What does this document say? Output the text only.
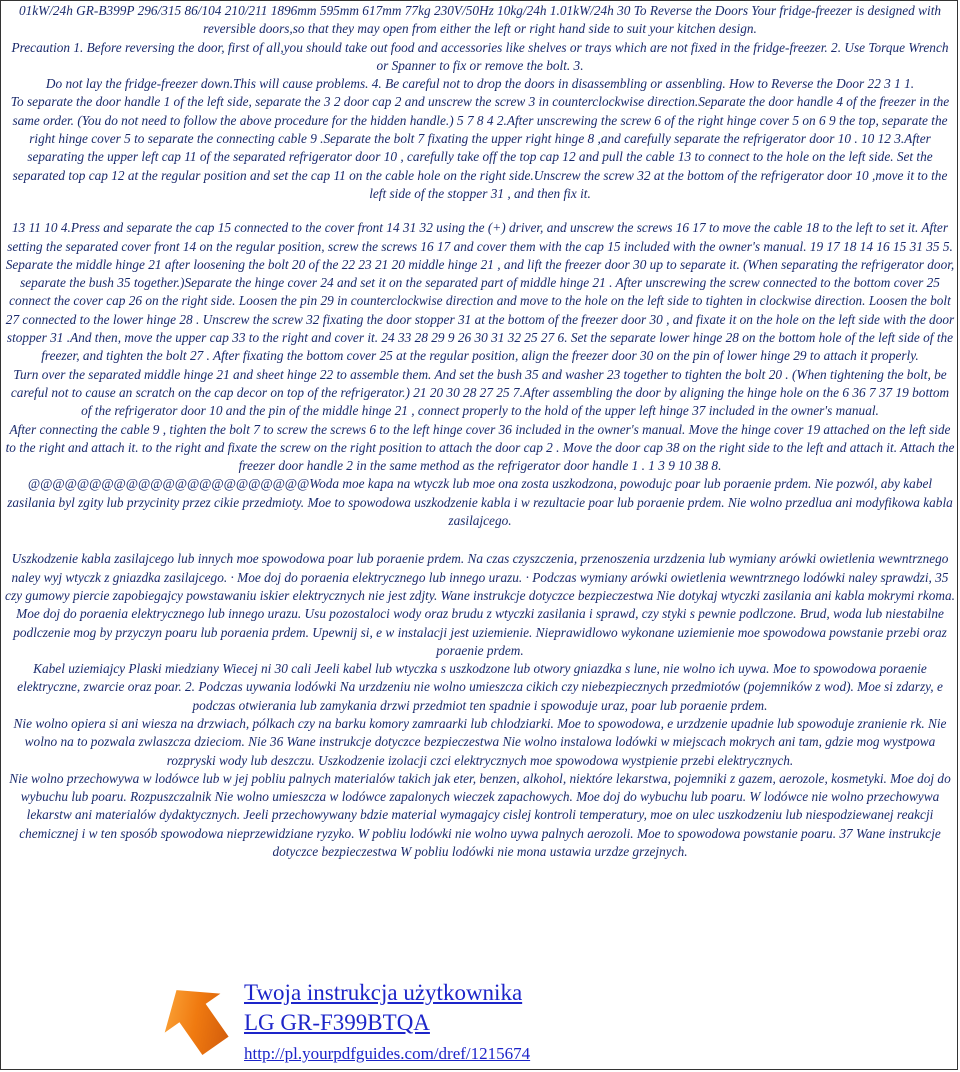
01kW/24h GR-B399P 296/315 86/104 210/211 1896mm 595mm 617mm 77kg 230V/50Hz 10kg/24h 1.01kW/24h 30 To Reverse the Doors Your fridge-freezer is designed with reversible doors,so that they may open from either the left or right hand side to suit your kitchen design.

Precaution 1. Before reversing the door, first of all,you should take out food and accessories like shelves or trays which are not fixed in the fridge-freezer. 2. Use Torque Wrench or Spanner to fix or remove the bolt. 3.

Do not lay the fridge-freezer down.This will cause problems. 4. Be careful not to drop the doors in disassembling or assenbling. How to Reverse the Door 22 3 1 1.

To separate the door handle 1 of the left side, separate the 3 2 door cap 2 and unscrew the screw 3 in counterclockwise direction.Separate the door handle 4 of the freezer in the same order. (You do not need to follow the above procedure for the hidden handle.) 5 7 8 4 2.After unscrewing the screw 6 of the right hinge cover 5 on 6 9 the top, separate the right hinge cover 5 to separate the connecting cable 9 .Separate the bolt 7 fixating the upper right hinge 8 ,and carefully separate the refrigerator door 10 . 10 12 3.After separating the upper left cap 11 of the separated refrigerator door 10 , carefully take off the top cap 12 and pull the cable 13 to connect to the hole on the left side. Set the separated top cap 12 at the regular position and set the cap 11 on the cable hole on the right side.Unscrew the screw 32 at the bottom of the refrigerator door 10 ,move it to the left side of the stopper 31 , and then fix it.

13 11 10 4.Press and separate the cap 15 connected to the cover front 14 31 32 using the (+) driver, and unscrew the screws 16 17 to move the cable 18 to the left to set it. After setting the separated cover front 14 on the regular position, screw the screws 16 17 and cover them with the cap 15 included with the owner's manual. 19 17 18 14 16 15 31 35 5. Separate the middle hinge 21 after loosening the bolt 20 of the 22 23 21 20 middle hinge 21 , and lift the freezer door 30 up to separate it. (When separating the refrigerator door, separate the bush 35 together.)Separate the hinge cover 24 and set it on the separated part of middle hinge 21 . After unscrewing the screw connected to the bottom cover 25 connect the cover cap 26 on the right side. Loosen the pin 29 in counterclockwise direction and move to the hole on the left side to tighten in clockwise direction. Loosen the bolt 27 connected to the lower hinge 28 . Unscrew the screw 32 fixating the door stopper 31 at the bottom of the freezer door 30 , and fixate it on the hole on the left side with the door stopper 31 .And then, move the upper cap 33 to the right and cover it. 24 33 28 29 9 26 30 31 32 25 27 6. Set the separate lower hinge 28 on the bottom hole of the left side of the freezer, and tighten the bolt 27 . After fixating the bottom cover 25 at the regular position, align the freezer door 30 on the pin of lower hinge 29 to attach it properly.

Turn over the separated middle hinge 21 and sheet hinge 22 to assemble them. And set the bush 35 and washer 23 together to tighten the bolt 20 . (When tightening the bolt, be careful not to cause an scratch on the cap decor on top of the refrigerator.) 21 20 30 28 27 25 7.After assembling the door by aligning the hinge hole on the 6 36 7 37 19 bottom of the refrigerator door 10 and the pin of the middle hinge 21 , connect properly to the hold of the upper left hinge 37 included in the owner's manual.

After connecting the cable 9 , tighten the bolt 7 to screw the screws 6 to the left hinge cover 36 included in the owner's manual. Move the hinge cover 19 attached on the left side to the right and attach it. to the right and fixate the screw on the right position to attach the door cap 2 . Move the door cap 38 on the right side to the left and attach it. Attach the freezer door handle 2 in the same method as the refrigerator door handle 1 . 1 3 9 10 38 8.

@@@@@@@@@@@@@@@@@@@@@@@Woda moe kapa na wtyczk lub moe ona zosta uszkodzona, powodujc poar lub poraenie prdem. Nie pozwól, aby kabel zasilania byl zgity lub przycinity przez cikie przedmioty. Moe to spowodowa uszkodzenie kabla i w rezultacie poar lub poraenie prdem. Nie wolno przedlua ani modyfikowa kabla zasilajcego.

Uszkodzenie kabla zasilajcego lub innych moe spowodowa poar lub poraenie prdem. Na czas czyszczenia, przenoszenia urzdzenia lub wymiany arówki owietlenia wewntrznego naley wyj wtyczk z gniazdka zasilajcego. · Moe doj do poraenia elektrycznego lub innego urazu. · Podczas wymiany arówki owietlenia wewntrznego lodówki naley sprawdzi, 35 czy gumowy piercie zapobiegajcy powstawaniu iskier elektrycznych nie jest zdjty. Wane instrukcje dotyczce bezpieczestwa Nie dotykaj wtyczki zasilania ani kabla mokrymi rkoma. Moe doj do poraenia elektrycznego lub innego urazu. Usu pozostaloci wody oraz brudu z wtyczki zasilania i sprawd, czy styki s pewnie podlczone. Brud, woda lub niestabilne podlczenie mog by przyczyn poaru lub poraenia prdem. Upewnij si, e w instalacji jest uziemienie. Nieprawidlowo wykonane uziemienie moe spowodowa powstanie przebi oraz poraenie prdem.

Kabel uziemiajcy Plaski miedziany Wiecej ni 30 cali Jeeli kabel lub wtyczka s uszkodzone lub otwory gniazdka s lune, nie wolno ich uywa. Moe to spowodowa poraenie elektryczne, zwarcie oraz poar. 2. Podczas uywania lodówki Na urzdzeniu nie wolno umieszcza cikich czy niebezpiecznych przedmiotów (pojemników z wod). Moe si zdarzy, e podczas otwierania lub zamykania drzwi przedmiot ten spadnie i spowoduje uraz, poar lub poraenie prdem.

Nie wolno opiera si ani wiesza na drzwiach, pólkach czy na barku komory zamraarki lub chlodziarki. Moe to spowodowa, e urzdzenie upadnie lub spowoduje zranienie rk. Nie wolno na to pozwala zwlaszcza dzieciom. Nie 36 Wane instrukcje dotyczce bezpieczestwa Nie wolno instalowa lodówki w miejscach mokrych ani tam, gdzie mog wystpowa rozpryski wody lub deszczu. Uszkodzenie izolacji czci elektrycznych moe spowodowa wystpienie przebi elektrycznych.

Nie wolno przechowywa w lodówce lub w jej pobliu palnych materialów takich jak eter, benzen, alkohol, niektóre lekarstwa, pojemniki z gazem, aerozole, kosmetyki. Moe doj do wybuchu lub poaru. Rozpuszczalnik Nie wolno umieszcza w lodówce zapalonych wieczek zapachowych. Moe doj do wybuchu lub poaru. W lodówce nie wolno przechowywa lekarstw ani materialów dydaktycznych. Jeeli przechowywany bdzie material wymagajcy cislej kontroli temperatury, moe on ulec uszkodzeniu lub niespodziewanej reakcji chemicznej i w ten sposób spowodowa nieprzewidziane ryzyko. W pobliu lodówki nie wolno uywa palnych aerozoli. Moe to spowodowa powstanie poaru. 37 Wane instrukcje dotyczce bezpieczestwa W pobliu lodówki nie mona ustawia urzdze grzejnych.

Twoja instrukcja użytkownika
LG GR-F399BTQA
http://pl.yourpdfguides.com/dref/1215674
